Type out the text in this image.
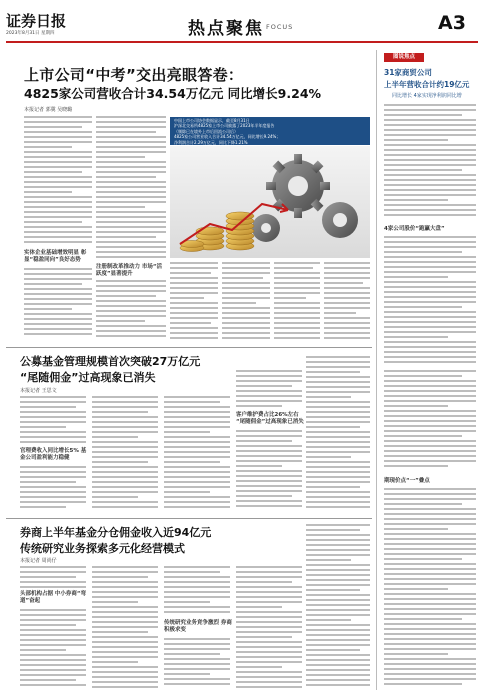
证券日报
2023年8月31日 星期四	热点聚焦 FOCUS	A3
上市公司“中考”交出亮眼答卷：
4825家公司营收合计34.54万亿元 同比增长9.24%
本报记者 郭冀 吴晓璐
实体企业基础增效明显 彰显“稳盈同向”良好态势
注册制改革推动力 市场“活跃度”显著提升
中国上市公司协会数据显示，截至8月31日
沪深北交易所4825家上市公司披露了2023年半年度报告
（剔除已在境外上市后回流公司后）
4825家公司营业收入合计34.54万亿元，同比增长9.24%；
净利润合计2.29万亿元，同比下降1.21%
公募基金管理规模首次突破27万亿元
“尾随佣金”过高现象已消失
本报记者 王思文
官理费收入同比增长5% 基金公司盈利能力稳健
客户维护费占比26%左右 “尾随佣金”过高现象已消失
券商上半年基金分仓佣金收入近94亿元
传统研究业务探索多元化经营模式
本报记者 周尚仔
头部机构占据 中小券商“弯道”奋起
传统研究业务竞争激烈 券商积极求变
图说焦点
31家商贸公司
上半年营收合计约19亿元
同比增长 4家实现净利润同比增
4家公司股价“跑赢大盘”
期现价点“一”叠点
